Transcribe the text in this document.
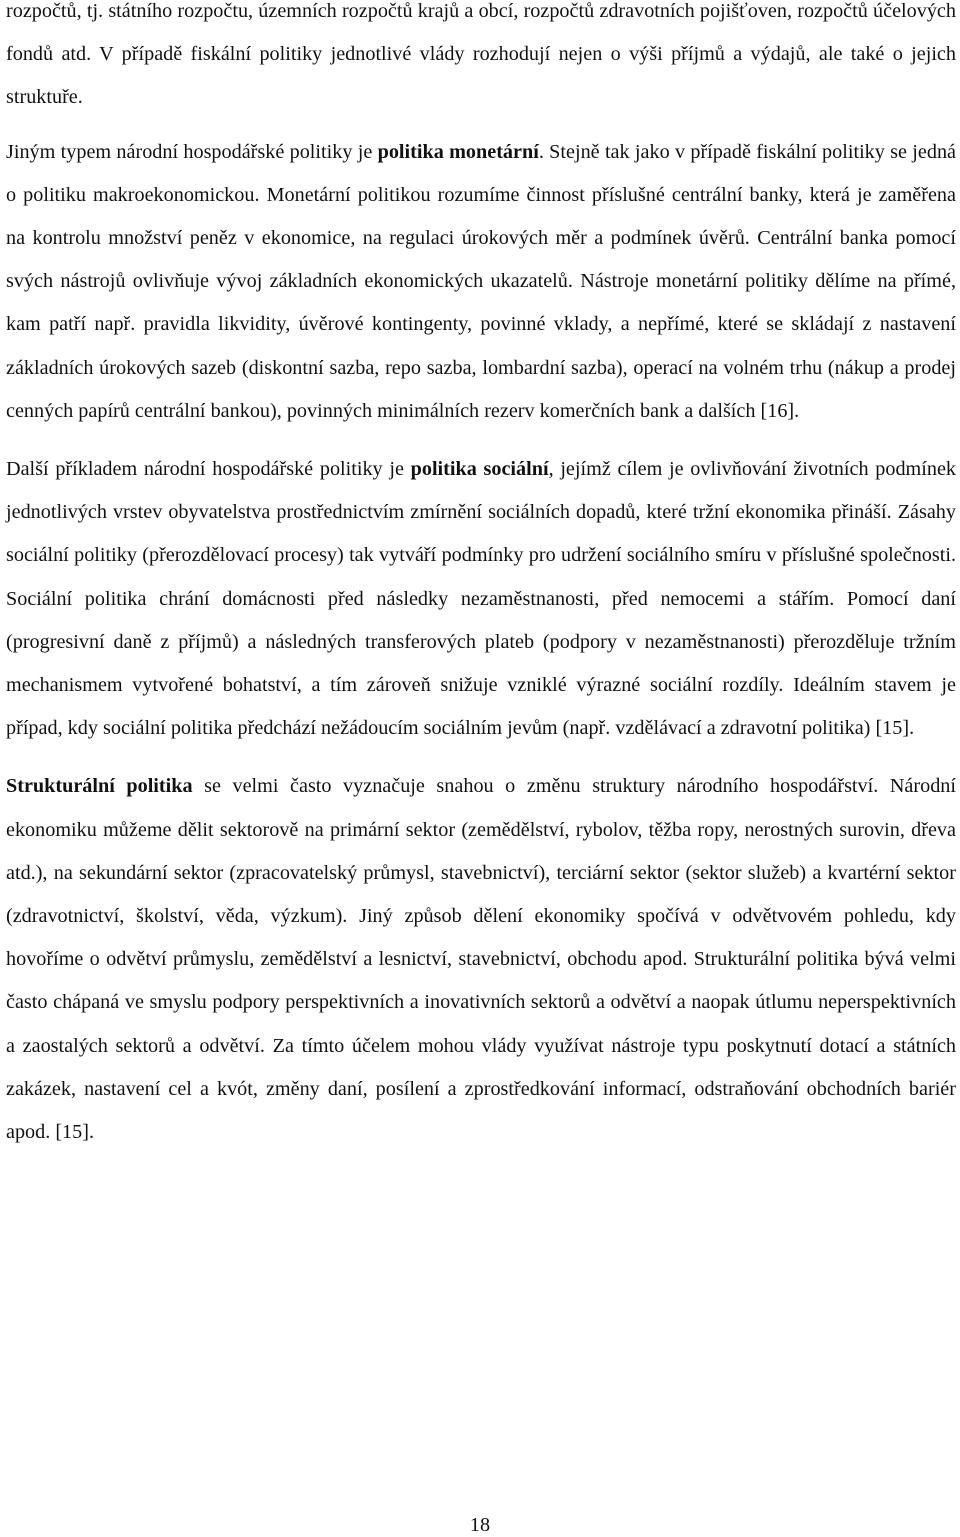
rozpočtů, tj. státního rozpočtu, územních rozpočtů krajů a obcí, rozpočtů zdravotních pojišťoven, rozpočtů účelových fondů atd. V případě fiskální politiky jednotlivé vlády rozhodují nejen o výši příjmů a výdajů, ale také o jejich struktuře.

Jiným typem národní hospodářské politiky je politika monetární. Stejně tak jako v případě fiskální politiky se jedná o politiku makroekonomickou. Monetární politikou rozumíme činnost příslušné centrální banky, která je zaměřena na kontrolu množství peněz v ekonomice, na regulaci úrokových měr a podmínek úvěrů. Centrální banka pomocí svých nástrojů ovlivňuje vývoj základních ekonomických ukazatelů. Nástroje monetární politiky dělíme na přímé, kam patří např. pravidla likvidity, úvěrové kontingenty, povinné vklady, a nepřímé, které se skládají z nastavení základních úrokových sazeb (diskontní sazba, repo sazba, lombardní sazba), operací na volném trhu (nákup a prodej cenných papírů centrální bankou), povinných minimálních rezerv komerčních bank a dalších [16].

Další příkladem národní hospodářské politiky je politika sociální, jejímž cílem je ovlivňování životních podmínek jednotlivých vrstev obyvatelstva prostřednictvím zmírnění sociálních dopadů, které tržní ekonomika přináší. Zásahy sociální politiky (přerozdělovací procesy) tak vytváří podmínky pro udržení sociálního smíru v příslušné společnosti. Sociální politika chrání domácnosti před následky nezaměstnanosti, před nemocemi a stářím. Pomocí daní (progresivní daně z příjmů) a následných transferových plateb (podpory v nezaměstnanosti) přerozděluje tržním mechanismem vytvořené bohatství, a tím zároveň snižuje vzniklé výrazné sociální rozdíly. Ideálním stavem je případ, kdy sociální politika předchází nežádoucím sociálním jevům (např. vzdělávací a zdravotní politika) [15].

Strukturální politika se velmi často vyznačuje snahou o změnu struktury národního hospodářství. Národní ekonomiku můžeme dělit sektorově na primární sektor (zemědělství, rybolov, těžba ropy, nerostných surovin, dřeva atd.), na sekundární sektor (zpracovatelský průmysl, stavebnictví), terciární sektor (sektor služeb) a kvartérní sektor (zdravotnictví, školství, věda, výzkum). Jiný způsob dělení ekonomiky spočívá v odvětvovém pohledu, kdy hovoříme o odvětví průmyslu, zemědělství a lesnictví, stavebnictví, obchodu apod. Strukturální politika bývá velmi často chápaná ve smyslu podpory perspektivních a inovativních sektorů a odvětví a naopak útlumu neperspektivních a zaostalých sektorů a odvětví. Za tímto účelem mohou vlády využívat nástroje typu poskytnutí dotací a státních zakázek, nastavení cel a kvót, změny daní, posílení a zprostředkování informací, odstraňování obchodních bariér apod. [15].

18
